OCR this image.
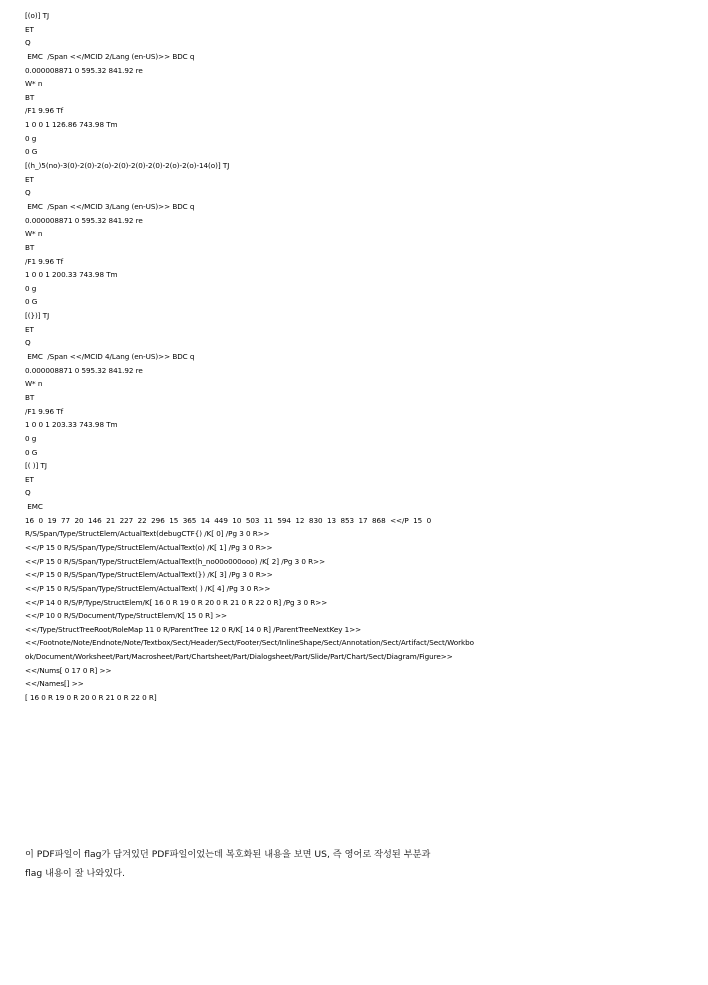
[(o)] TJ
ET
Q
EMC  /Span <</MCID 2/Lang (en-US)>> BDC q
0.000008871 0 595.32 841.92 re
W* n
BT
/F1 9.96 Tf
1 0 0 1 126.86 743.98 Tm
0 g
0 G
[(h_)5(no)-3(0)-2(0)-2(o)-2(0)-2(0)-2(0)-2(o)-2(o)-14(o)] TJ
ET
Q
EMC  /Span <</MCID 3/Lang (en-US)>> BDC q
0.000008871 0 595.32 841.92 re
W* n
BT
/F1 9.96 Tf
1 0 0 1 200.33 743.98 Tm
0 g
0 G
[(})] TJ
ET
Q
EMC  /Span <</MCID 4/Lang (en-US)>> BDC q
0.000008871 0 595.32 841.92 re
W* n
BT
/F1 9.96 Tf
1 0 0 1 203.33 743.98 Tm
0 g
0 G
[( )] TJ
ET
Q
EMC
16  0  19  77  20  146  21  227  22  296  15  365  14  449  10  503  11  594  12  830  13  853  17  868  <</P  15  0
R/S/Span/Type/StructElem/ActualText(debugCTF{) /K[ 0] /Pg 3 0 R>>
<</P 15 0 R/S/Span/Type/StructElem/ActualText(o) /K[ 1] /Pg 3 0 R>>
<</P 15 0 R/S/Span/Type/StructElem/ActualText(h_no00o000ooo) /K[ 2] /Pg 3 0 R>>
<</P 15 0 R/S/Span/Type/StructElem/ActualText(}) /K[ 3] /Pg 3 0 R>>
<</P 15 0 R/S/Span/Type/StructElem/ActualText( ) /K[ 4] /Pg 3 0 R>>
<</P 14 0 R/S/P/Type/StructElem/K[ 16 0 R 19 0 R 20 0 R 21 0 R 22 0 R] /Pg 3 0 R>>
<</P 10 0 R/S/Document/Type/StructElem/K[ 15 0 R] >>
<</Type/StructTreeRoot/RoleMap 11 0 R/ParentTree 12 0 R/K[ 14 0 R] /ParentTreeNextKey 1>>
<</Footnote/Note/Endnote/Note/Textbox/Sect/Header/Sect/Footer/Sect/InlineShape/Sect/Annotation/Sect/Artifact/Sect/Workbo
ok/Document/Worksheet/Part/Macrosheet/Part/Chartsheet/Part/Dialogsheet/Part/Slide/Part/Chart/Sect/Diagram/Figure>>
<</Nums[ 0 17 0 R] >>
<</Names[] >>
[ 16 0 R 19 0 R 20 0 R 21 0 R 22 0 R]

이 PDF파일이 flag가 담겨있던 PDF파일이었는데 복호화된 내용을 보면 US, 즉 영어로 작성된 부분과

flag 내용이 잘 나와있다.
